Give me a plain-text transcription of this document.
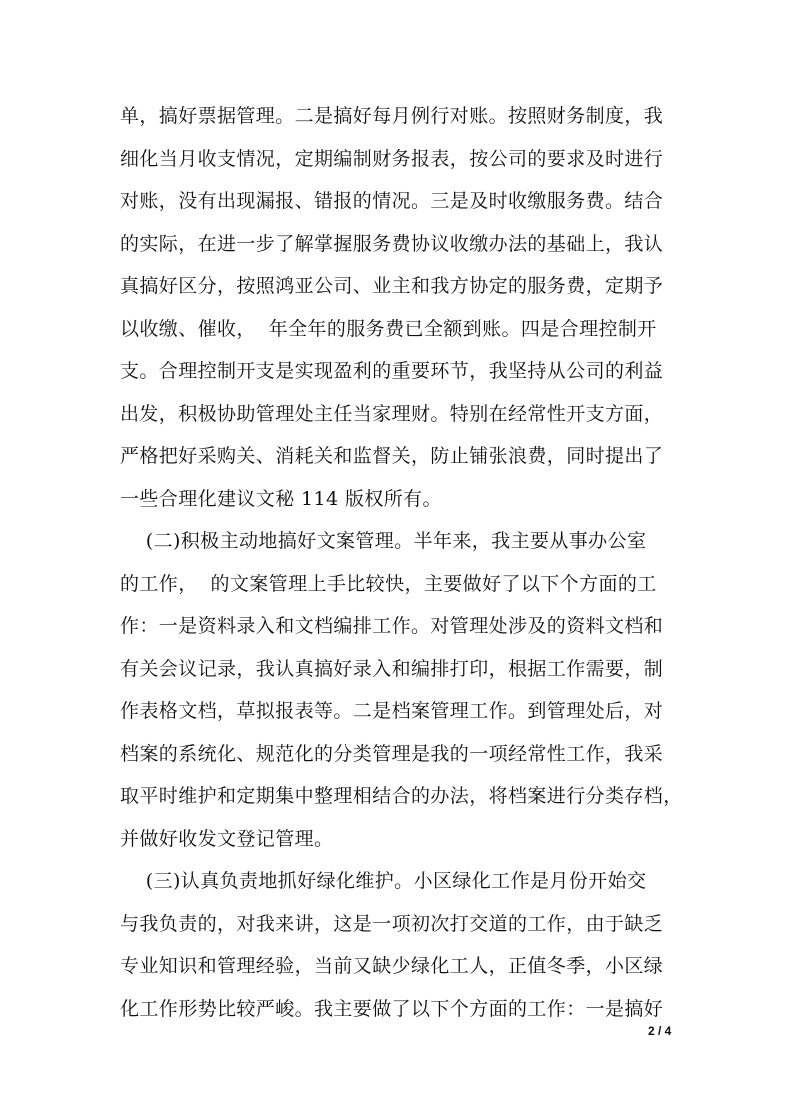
单，搞好票据管理。二是搞好每月例行对账。按照财务制度，我
细化当月收支情况，定期编制财务报表，按公司的要求及时进行
对账，没有出现漏报、错报的情况。三是及时收缴服务费。结合
的实际，在进一步了解掌握服务费协议收缴办法的基础上，我认
真搞好区分，按照鸿亚公司、业主和我方协定的服务费，定期予
以收缴、催收，  年全年的服务费已全额到账。四是合理控制开
支。合理控制开支是实现盈利的重要环节，我坚持从公司的利益
出发，积极协助管理处主任当家理财。特别在经常性开支方面，
严格把好采购关、消耗关和监督关，防止铺张浪费，同时提出了
一些合理化建议文秘 114 版权所有。
(二)积极主动地搞好文案管理。半年来，我主要从事办公室
的工作，  的文案管理上手比较快，主要做好了以下个方面的工
作：一是资料录入和文档编排工作。对管理处涉及的资料文档和
有关会议记录，我认真搞好录入和编排打印，根据工作需要，制
作表格文档，草拟报表等。二是档案管理工作。到管理处后，对
档案的系统化、规范化的分类管理是我的一项经常性工作，我采
取平时维护和定期集中整理相结合的办法，将档案进行分类存档，
并做好收发文登记管理。
(三)认真负责地抓好绿化维护。小区绿化工作是月份开始交
与我负责的，对我来讲，这是一项初次打交道的工作，由于缺乏
专业知识和管理经验，当前又缺少绿化工人，正值冬季，小区绿
化工作形势比较严峻。我主要做了以下个方面的工作：一是搞好
2 / 4
